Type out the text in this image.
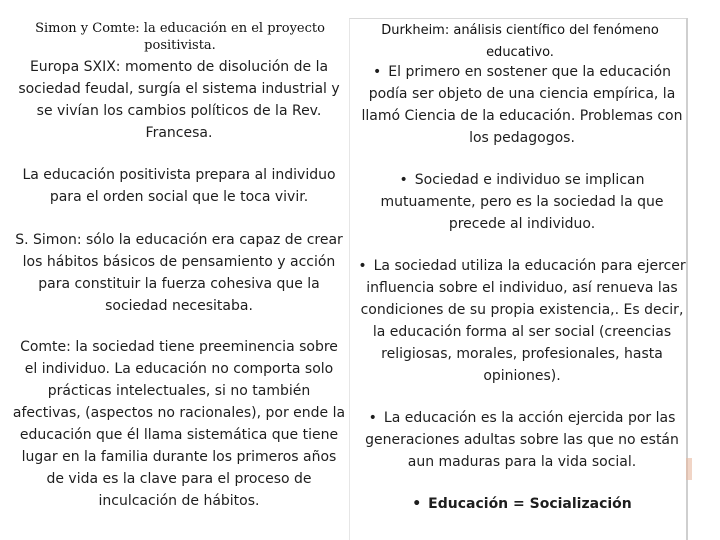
Simon y Comte: la educación en el proyecto positivista.
Europa SXIX: momento de disolución de la sociedad feudal, surgía el sistema industrial y se vivían los cambios políticos de la Rev. Francesa.
La educación positivista prepara al individuo para el orden social que le toca vivir.
S. Simon: sólo la educación era capaz de crear los hábitos básicos de pensamiento y acción para constituir la fuerza cohesiva que la sociedad necesitaba.
Comte: la sociedad tiene preeminencia sobre el individuo. La educación no comporta solo prácticas intelectuales, si no también afectivas, (aspectos no racionales), por ende la educación que él llama sistemática que tiene lugar en la familia durante los primeros años de vida es la clave para el proceso de inculcación de hábitos.
Durkheim: análisis científico del fenómeno educativo.
• El primero en sostener que la educación podía ser objeto de una ciencia empírica, la llamó Ciencia de la educación. Problemas con los pedagogos.
• Sociedad e individuo se implican mutuamente, pero es la sociedad la que precede al individuo.
• La sociedad utiliza la educación para ejercer influencia sobre el individuo, así renueva las condiciones de su propia existencia,. Es decir, la educación forma al ser social (creencias religiosas, morales, profesionales, hasta opiniones).
• La educación es la acción ejercida por las generaciones adultas sobre las que no están aun maduras para la vida social.
• Educación = Socialización
